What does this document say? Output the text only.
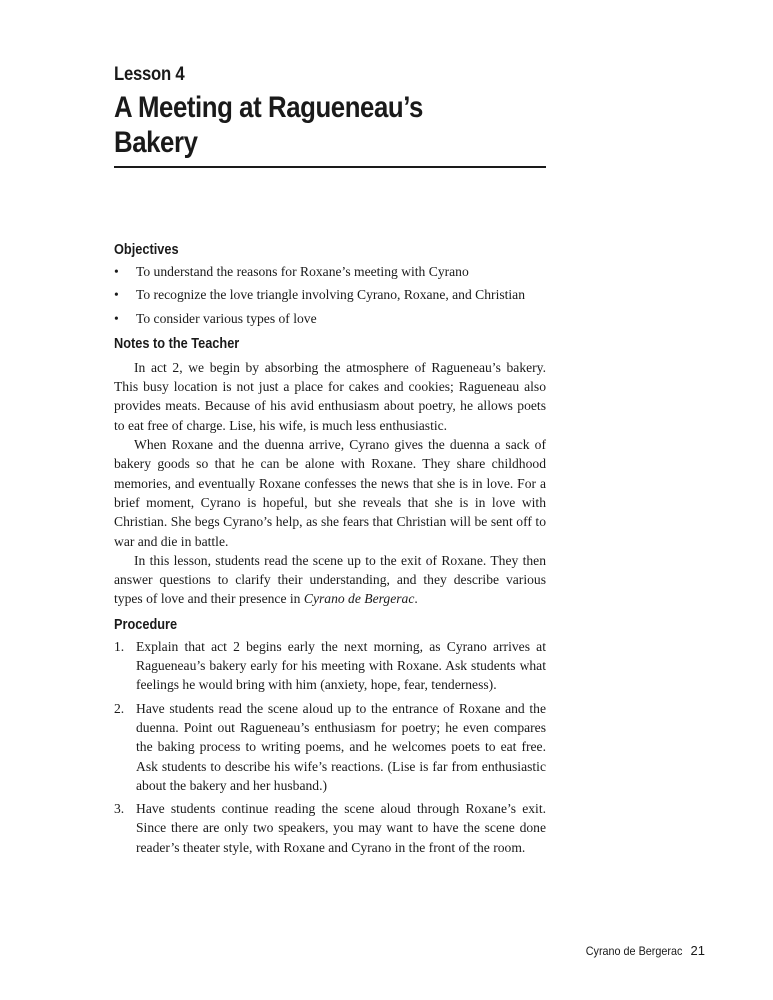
Lesson 4
A Meeting at Ragueneau’s
Bakery
Objectives
• To understand the reasons for Roxane’s meeting with Cyrano
• To recognize the love triangle involving Cyrano, Roxane, and Christian
• To consider various types of love
Notes to the Teacher

In act 2, we begin by absorbing the atmosphere of Ragueneau’s bakery. This busy location is not just a place for cakes and cookies; Ragueneau also provides meats. Because of his avid enthusiasm about poetry, he allows poets to eat free of charge. Lise, his wife, is much less enthusiastic.

When Roxane and the duenna arrive, Cyrano gives the duenna a sack of bakery goods so that he can be alone with Roxane. They share childhood memories, and eventually Roxane confesses the news that she is in love. For a brief moment, Cyrano is hopeful, but she reveals that she is in love with Christian. She begs Cyrano’s help, as she fears that Christian will be sent off to war and die in battle.

In this lesson, students read the scene up to the exit of Roxane. They then answer questions to clarify their understanding, and they describe various types of love and their presence in Cyrano de Bergerac.

Procedure
1. Explain that act 2 begins early the next morning, as Cyrano arrives at Ragueneau’s bakery early for his meeting with Roxane. Ask students what feelings he would bring with him (anxiety, hope, fear, tenderness).
2. Have students read the scene aloud up to the entrance of Roxane and the duenna. Point out Ragueneau’s enthusiasm for poetry; he even compares the baking process to writing poems, and he welcomes poets to eat free. Ask students to describe his wife’s reactions. (Lise is far from enthusiastic about the bakery and her husband.)
3. Have students continue reading the scene aloud through Roxane’s exit. Since there are only two speakers, you may want to have the scene done reader’s theater style, with Roxane and Cyrano in the front of the room.
Cyrano de Bergerac 21
